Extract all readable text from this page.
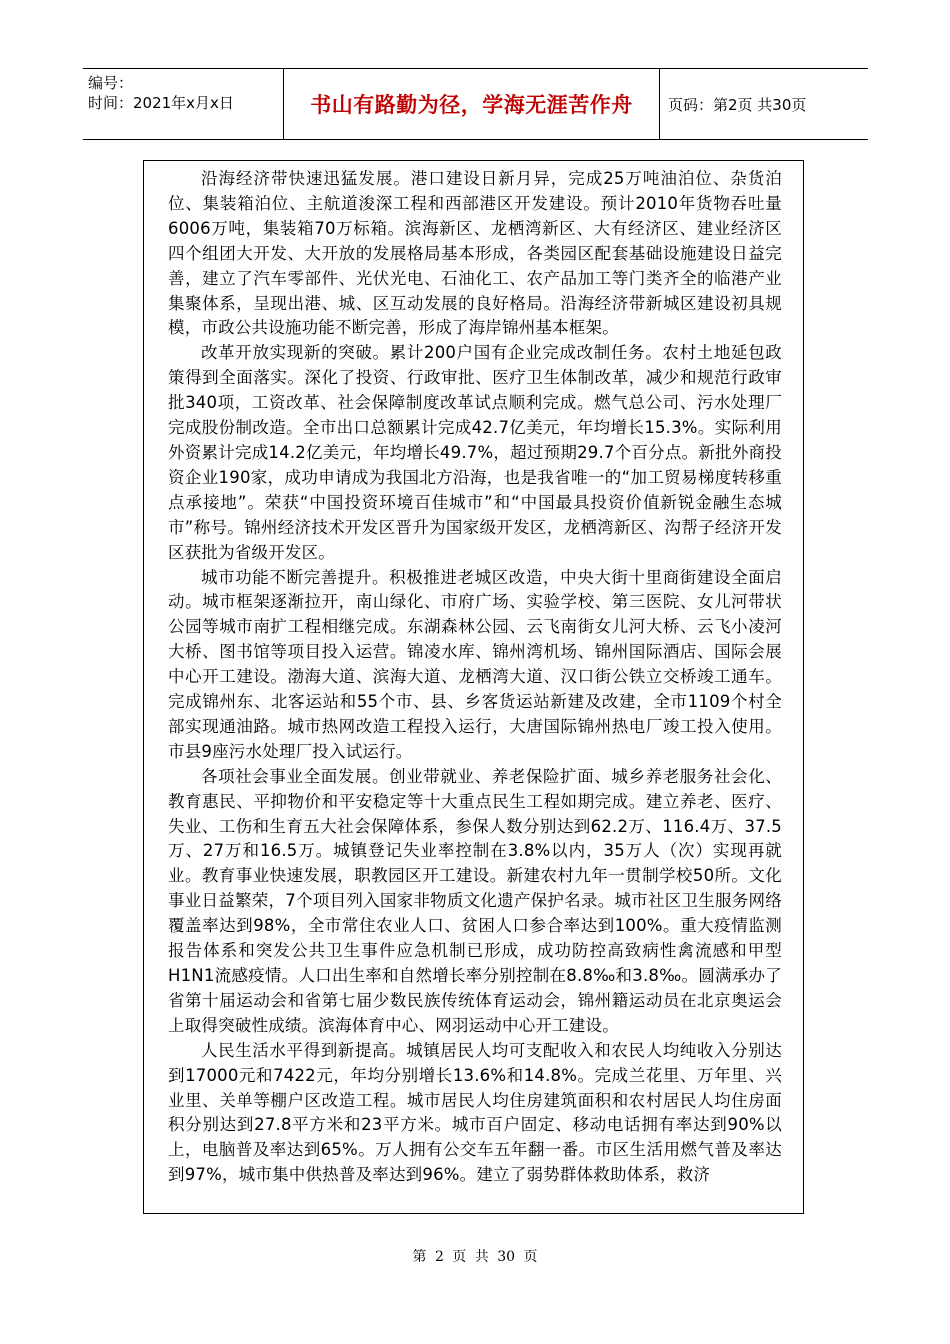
编号：
时间：2021年x月x日	书山有路勤为径，学海无涯苦作舟	页码：第2页 共30页

沿海经济带快速迅猛发展。港口建设日新月异，完成25万吨油泊位、杂货泊位、集装箱泊位、主航道浚深工程和西部港区开发建设。预计2010年货物吞吐量6006万吨，集装箱70万标箱。滨海新区、龙栖湾新区、大有经济区、建业经济区四个组团大开发、大开放的发展格局基本形成，各类园区配套基础设施建设日益完善，建立了汽车零部件、光伏光电、石油化工、农产品加工等门类齐全的临港产业集聚体系，呈现出港、城、区互动发展的良好格局。沿海经济带新城区建设初具规模，市政公共设施功能不断完善，形成了海岸锦州基本框架。

改革开放实现新的突破。累计200户国有企业完成改制任务。农村土地延包政策得到全面落实。深化了投资、行政审批、医疗卫生体制改革，减少和规范行政审批340项，工资改革、社会保障制度改革试点顺利完成。燃气总公司、污水处理厂完成股份制改造。全市出口总额累计完成42.7亿美元，年均增长15.3%。实际利用外资累计完成14.2亿美元，年均增长49.7%，超过预期29.7个百分点。新批外商投资企业190家，成功申请成为我国北方沿海，也是我省唯一的“加工贸易梯度转移重点承接地”。荣获“中国投资环境百佳城市”和“中国最具投资价值新锐金融生态城市”称号。锦州经济技术开发区晋升为国家级开发区，龙栖湾新区、沟帮子经济开发区获批为省级开发区。

城市功能不断完善提升。积极推进老城区改造，中央大街十里商街建设全面启动。城市框架逐渐拉开，南山绿化、市府广场、实验学校、第三医院、女儿河带状公园等城市南扩工程相继完成。东湖森林公园、云飞南街女儿河大桥、云飞小凌河大桥、图书馆等项目投入运营。锦凌水库、锦州湾机场、锦州国际酒店、国际会展中心开工建设。渤海大道、滨海大道、龙栖湾大道、汉口街公铁立交桥竣工通车。完成锦州东、北客运站和55个市、县、乡客货运站新建及改建，全市1109个村全部实现通油路。城市热网改造工程投入运行，大唐国际锦州热电厂竣工投入使用。市县9座污水处理厂投入试运行。

各项社会事业全面发展。创业带就业、养老保险扩面、城乡养老服务社会化、教育惠民、平抑物价和平安稳定等十大重点民生工程如期完成。建立养老、医疗、失业、工伤和生育五大社会保障体系，参保人数分别达到62.2万、116.4万、37.5万、27万和16.5万。城镇登记失业率控制在3.8%以内，35万人（次）实现再就业。教育事业快速发展，职教园区开工建设。新建农村九年一贯制学校50所。文化事业日益繁荣，7个项目列入国家非物质文化遗产保护名录。城市社区卫生服务网络覆盖率达到98%，全市常住农业人口、贫困人口参合率达到100%。重大疫情监测报告体系和突发公共卫生事件应急机制已形成，成功防控高致病性禽流感和甲型H1N1流感疫情。人口出生率和自然增长率分别控制在8.8‰和3.8‰。圆满承办了省第十届运动会和省第七届少数民族传统体育运动会，锦州籍运动员在北京奥运会上取得突破性成绩。滨海体育中心、网羽运动中心开工建设。

人民生活水平得到新提高。城镇居民人均可支配收入和农民人均纯收入分别达到17000元和7422元，年均分别增长13.6%和14.8%。完成兰花里、万年里、兴业里、关单等棚户区改造工程。城市居民人均住房建筑面积和农村居民人均住房面积分别达到27.8平方米和23平方米。城市百户固定、移动电话拥有率达到90%以上，电脑普及率达到65%。万人拥有公交车五年翻一番。市区生活用燃气普及率达到97%，城市集中供热普及率达到96%。建立了弱势群体救助体系，救济

第 2 页 共 30 页
